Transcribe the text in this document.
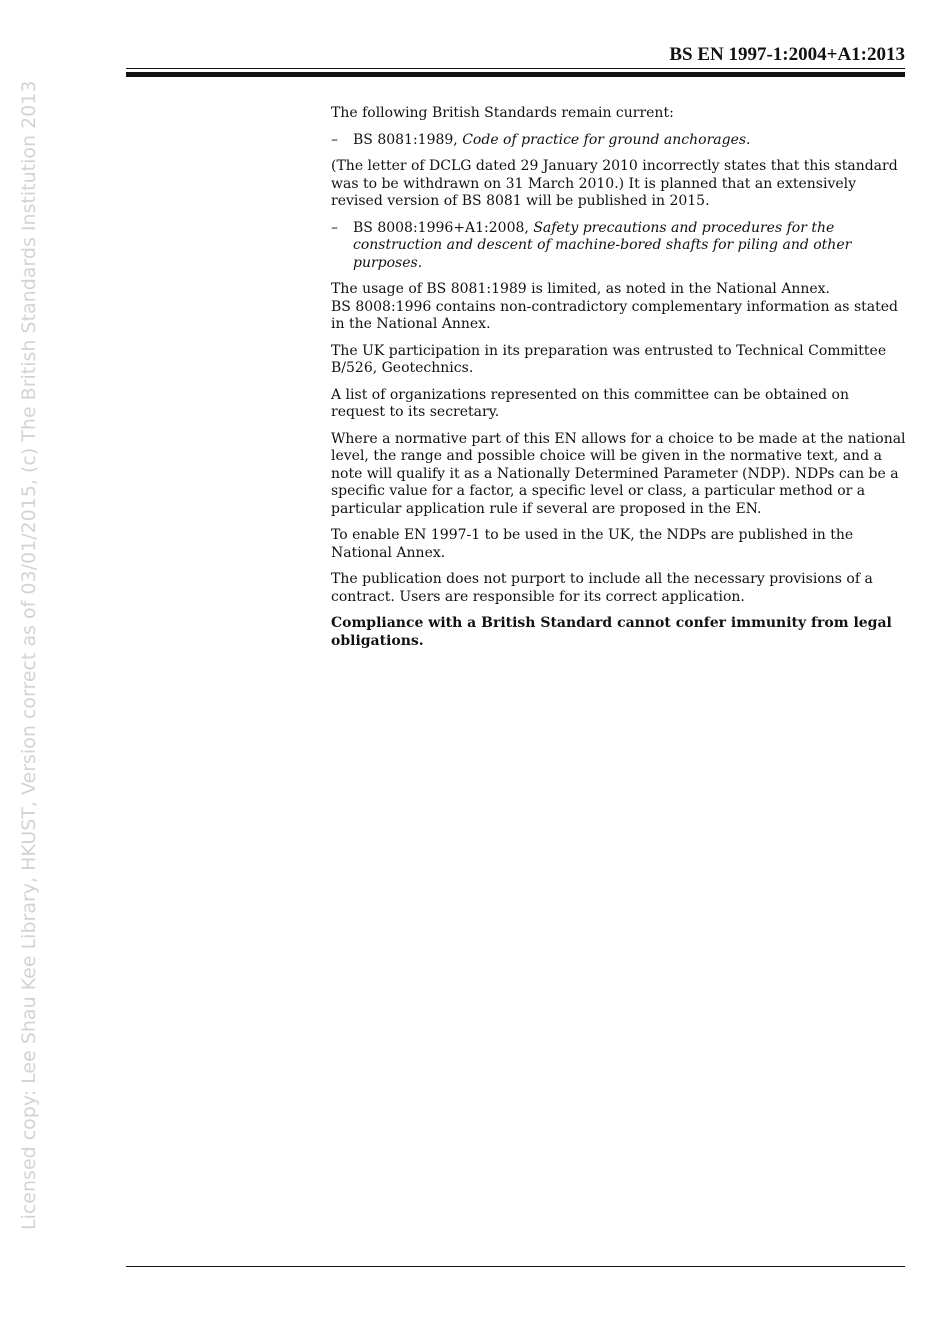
BS EN 1997-1:2004+A1:2013
Licensed copy: Lee Shau Kee Library, HKUST, Version correct as of 03/01/2015, (c) The British Standards Institution 2013	The following British Standards remain current:

– BS 8081:1989, Code of practice for ground anchorages.

(The letter of DCLG dated 29 January 2010 incorrectly states that this standard was to be withdrawn on 31 March 2010.) It is planned that an extensively revised version of BS 8081 will be published in 2015.

– BS 8008:1996+A1:2008, Safety precautions and procedures for the construction and descent of machine-bored shafts for piling and other purposes.

The usage of BS 8081:1989 is limited, as noted in the National Annex.
BS 8008:1996 contains non-contradictory complementary information as stated in the National Annex.

The UK participation in its preparation was entrusted to Technical Committee B/526, Geotechnics.

A list of organizations represented on this committee can be obtained on request to its secretary.

Where a normative part of this EN allows for a choice to be made at the national level, the range and possible choice will be given in the normative text, and a note will qualify it as a Nationally Determined Parameter (NDP). NDPs can be a specific value for a factor, a specific level or class, a particular method or a particular application rule if several are proposed in the EN.

To enable EN 1997-1 to be used in the UK, the NDPs are published in the National Annex.

The publication does not purport to include all the necessary provisions of a contract. Users are responsible for its correct application.

Compliance with a British Standard cannot confer immunity from legal obligations.
